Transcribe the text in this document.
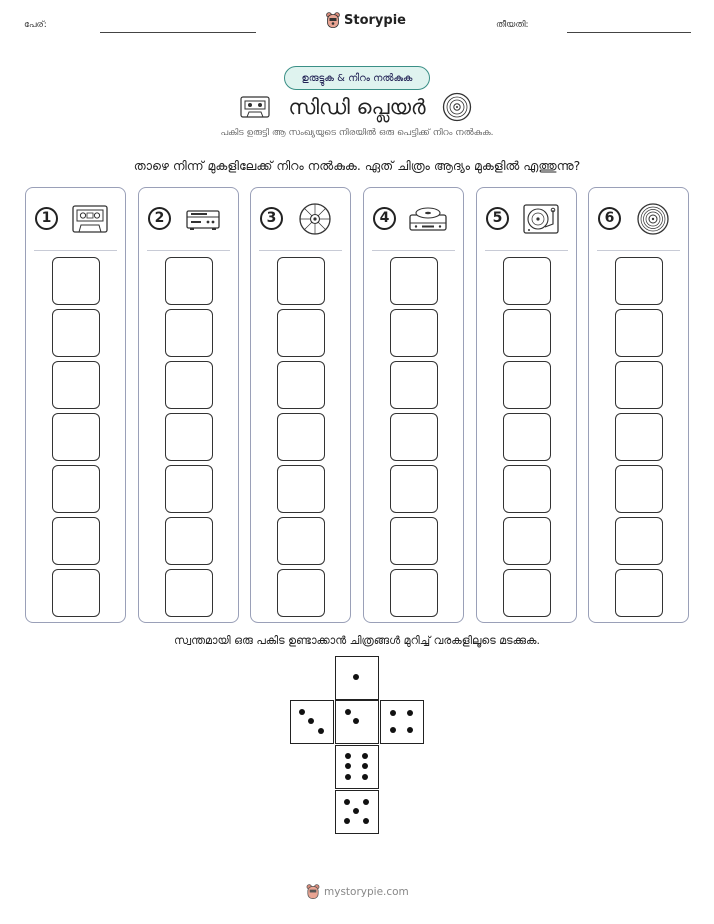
പേര്:	Storypie	തീയതി:
ഉരുട്ടുക & നിറം നൽകുക
സിഡി പ്ലെയർ
പകിട ഉരുട്ടി ആ സംഖ്യയുടെ നിരയിൽ ഒരു പെട്ടിക്ക് നിറം നൽകുക.
താഴെ നിന്ന് മുകളിലേക്ക് നിറം നൽകുക. ഏത് ചിത്രം ആദ്യം മുകളിൽ എത്തുന്നു?
1	2	3	4	5	6
സ്വന്തമായി ഒരു പകിട ഉണ്ടാക്കാൻ ചിത്രങ്ങൾ മുറിച്ച് വരകളിലൂടെ മടക്കുക.
mystorypie.com
